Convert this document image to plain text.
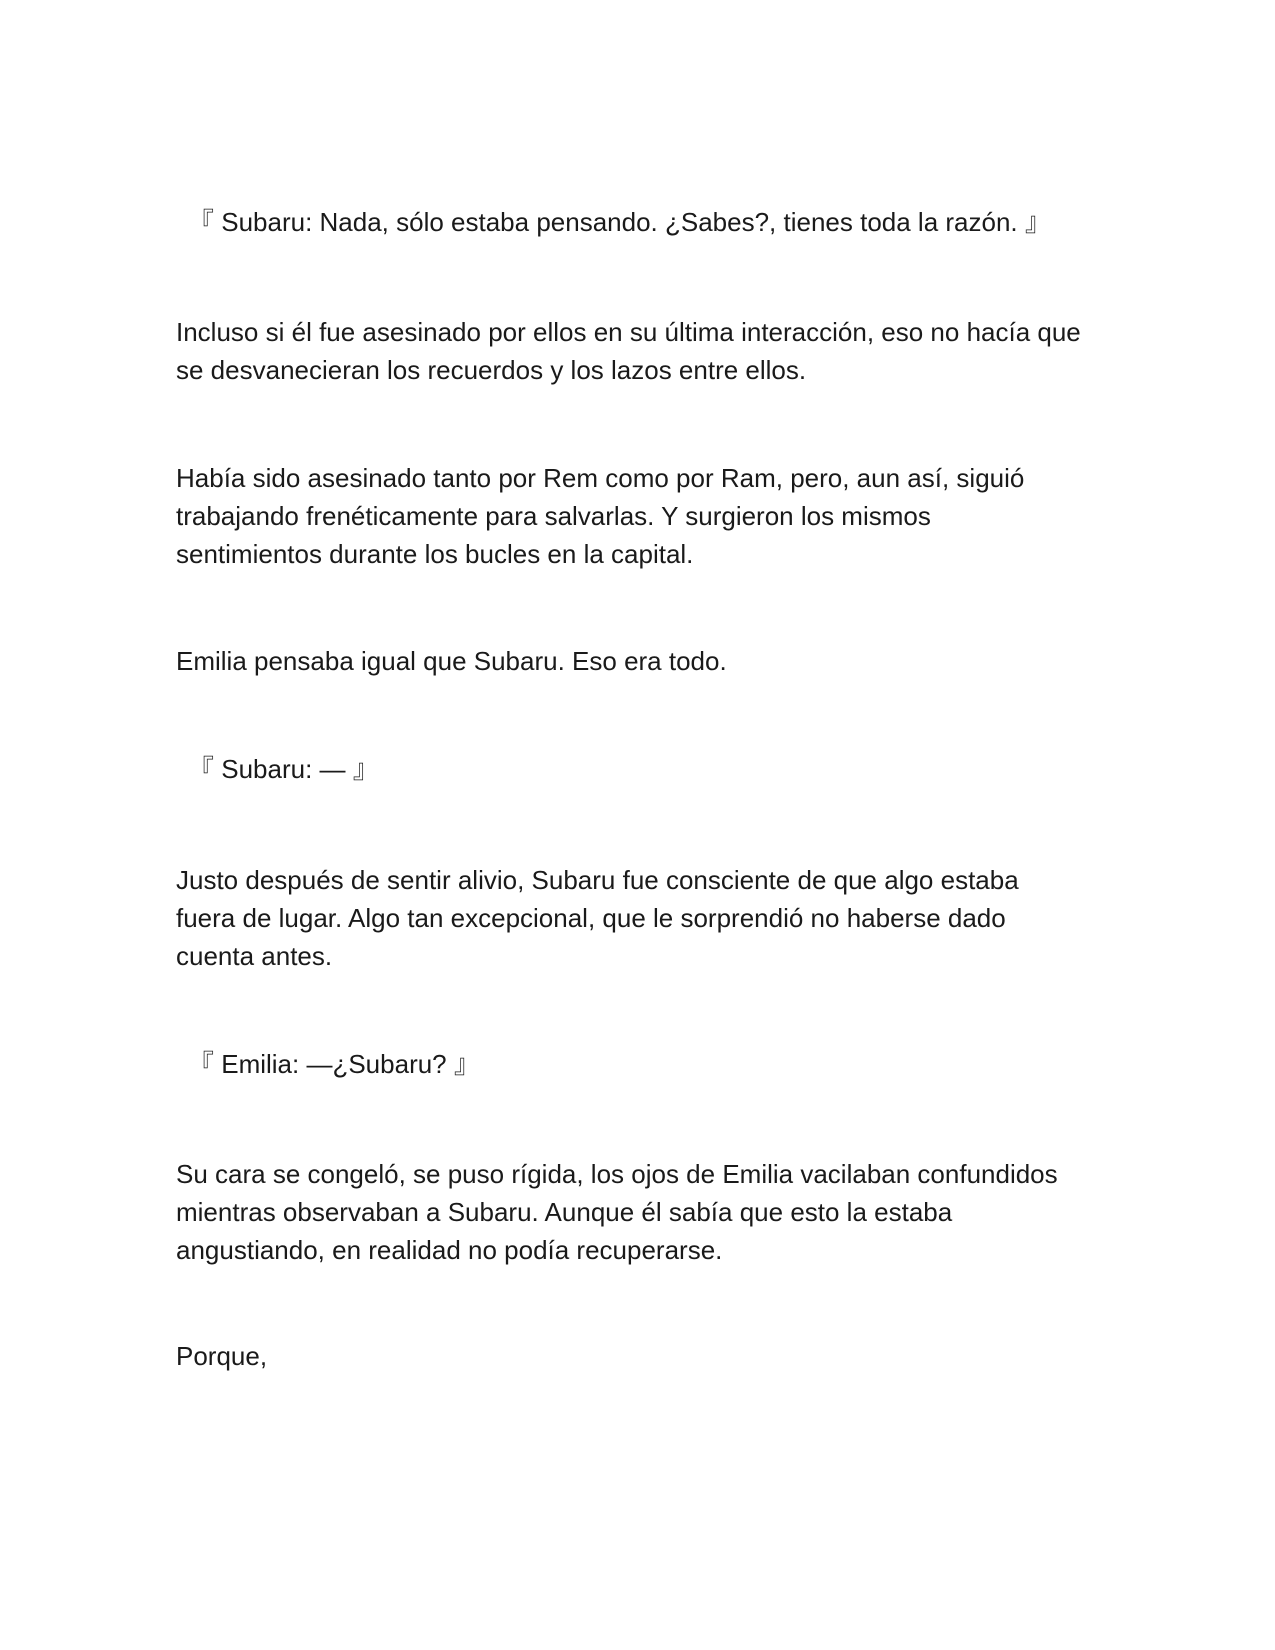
『 Subaru: Nada, sólo estaba pensando. ¿Sabes?, tienes toda la razón. 』

Incluso si él fue asesinado por ellos en su última interacción, eso no hacía que
se desvanecieran los recuerdos y los lazos entre ellos.

Había sido asesinado tanto por Rem como por Ram, pero, aun así, siguió
trabajando frenéticamente para salvarlas. Y surgieron los mismos
sentimientos durante los bucles en la capital.

Emilia pensaba igual que Subaru. Eso era todo.

『 Subaru: — 』

Justo después de sentir alivio, Subaru fue consciente de que algo estaba
fuera de lugar. Algo tan excepcional, que le sorprendió no haberse dado
cuenta antes.

『 Emilia: —¿Subaru? 』

Su cara se congeló, se puso rígida, los ojos de Emilia vacilaban confundidos
mientras observaban a Subaru. Aunque él sabía que esto la estaba
angustiando, en realidad no podía recuperarse.

Porque,
